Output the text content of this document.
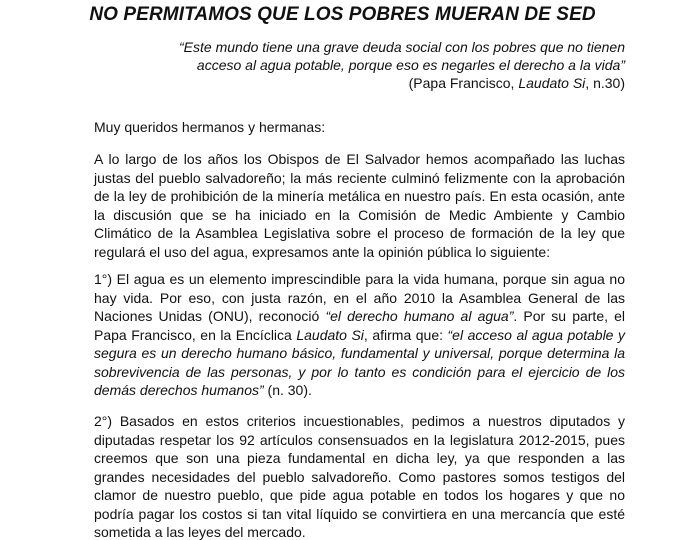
NO PERMITAMOS QUE LOS POBRES MUERAN DE SED
“Este mundo tiene una grave deuda social con los pobres que no tienen
acceso al agua potable, porque eso es negarles el derecho a la vida”
(Papa Francisco, Laudato Si, n.30)
Muy queridos hermanos y hermanas:

A lo largo de los años los Obispos de El Salvador hemos acompañado las luchas justas del pueblo salvadoreño; la más reciente culminó felizmente con la aprobación de la ley de prohibición de la minería metálica en nuestro país. En esta ocasión, ante la discusión que se ha iniciado en la Comisión de Medic Ambiente y Cambio Climático de la Asamblea Legislativa sobre el proceso de formación de la ley que regulará el uso del agua, expresamos ante la opinión pública lo siguiente:

1°) El agua es un elemento imprescindible para la vida humana, porque sin agua no hay vida. Por eso, con justa razón, en el año 2010 la Asamblea General de las Naciones Unidas (ONU), reconoció “el derecho humano al agua”. Por su parte, el Papa Francisco, en la Encíclica Laudato Si, afirma que: “el acceso al agua potable y segura es un derecho humano básico, fundamental y universal, porque determina la sobrevivencia de las personas, y por lo tanto es condición para el ejercicio de los demás derechos humanos” (n. 30).

2°) Basados en estos criterios incuestionables, pedimos a nuestros diputados y diputadas respetar los 92 artículos consensuados en la legislatura 2012-2015, pues creemos que son una pieza fundamental en dicha ley, ya que responden a las grandes necesidades del pueblo salvadoreño. Como pastores somos testigos del clamor de nuestro pueblo, que pide agua potable en todos los hogares y que no podría pagar los costos si tan vital líquido se convirtiera en una mercancía que esté sometida a las leyes del mercado.
